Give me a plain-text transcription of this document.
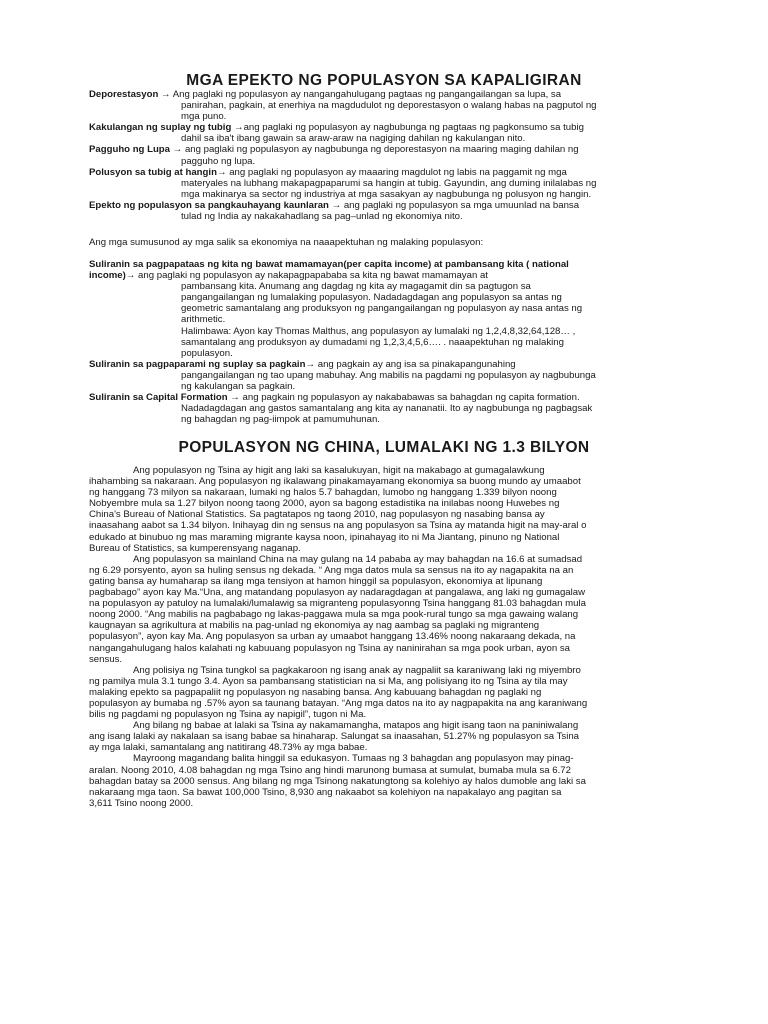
MGA EPEKTO NG POPULASYON SA KAPALIGIRAN
Deporestasyon → Ang paglaki ng populasyon ay nangangahulugang pagtaas ng pangangailangan sa lupa, sa
panirahan, pagkain, at enerhiya na magdudulot ng deporestasyon o walang habas na pagputol ng
mga puno.
Kakulangan ng suplay ng tubig →ang paglaki ng populasyon ay nagbubunga ng pagtaas ng pagkonsumo sa tubig
dahil sa iba't ibang gawain sa araw-araw na nagiging dahilan ng kakulangan nito.
Pagguho ng Lupa → ang paglaki ng populasyon ay nagbubunga ng deporestasyon na maaring maging dahilan ng
pagguho ng lupa.
Polusyon sa tubig at hangin→ ang paglaki ng populasyon ay maaaring magdulot ng labis na paggamit ng mga
materyales na lubhang makapagpaparumi sa hangin at tubig. Gayundin, ang duming inilalabas ng
mga makinarya sa sector ng industriya at mga sasakyan ay nagbubunga ng polusyon ng hangin.
Epekto ng populasyon sa pangkauhayang kaunlaran → ang paglaki ng populasyon sa mga umuunlad na bansa
tulad ng India ay nakakahadlang sa pag–unlad ng ekonomiya nito.
Ang mga sumusunod ay mga salik sa ekonomiya na naaapektuhan ng malaking populasyon:
Suliranin sa pagpapataas ng kita ng bawat mamamayan(per capita income) at pambansang kita ( national
income)→ ang paglaki ng populasyon ay nakapagpapababa sa kita ng bawat mamamayan at
pambansang kita. Anumang ang dagdag ng kita ay magagamit din sa pagtugon sa
pangangailangan ng lumalaking populasyon. Nadadagdagan ang populasyon sa antas ng
geometric samantalang ang produksyon ng pangangailangan ng populasyon ay nasa antas ng
arithmetic.
Halimbawa: Ayon kay Thomas Malthus, ang populasyon ay lumalaki ng 1,2,4,8,32,64,128… ,
samantalang ang produksyon ay dumadami ng 1,2,3,4,5,6…. . naaapektuhan ng malaking
populasyon.
Suliranin sa pagpaparami ng suplay sa pagkain→ ang pagkain ay ang isa sa pinakapangunahing
pangangailangan ng tao upang mabuhay. Ang mabilis na pagdami ng populasyon ay nagbubunga
ng kakulangan sa pagkain.
Suliranin sa Capital Formation → ang pagkain ng populasyon ay nakababawas sa bahagdan ng capita formation.
Nadadagdagan ang gastos samantalang ang kita ay nananatii. Ito ay nagbubunga ng pagbagsak
ng bahagdan ng pag-iimpok at pamumuhunan.
POPULASYON NG CHINA, LUMALAKI NG 1.3 BILYON
Ang populasyon ng Tsina ay higit ang laki sa kasalukuyan, higit na makabago at gumagalawkung
ihahambing sa nakaraan. Ang populasyon ng ikalawang pinakamayamang ekonomiya sa buong mundo ay umaabot
ng hanggang 73 milyon sa nakaraan, lumaki ng halos 5.7 bahagdan, lumobo ng hanggang 1.339 bilyon noong
Nobyembre mula sa 1.27 bilyon noong taong 2000, ayon sa bagong estadistika na inilabas noong Huwebes ng
China's Bureau of National Statistics. Sa pagtatapos ng taong 2010, nag populasyon ng nasabing bansa ay
inaasahang aabot sa 1.34 bilyon. Inihayag din ng sensus na ang populasyon sa Tsina ay matanda higit na may-aral o
edukado at binubuo ng mas maraming migrante kaysa noon, ipinahayag ito ni Ma Jiantang, pinuno ng National
Bureau of Statistics, sa kumperensyang naganap.
Ang populasyon sa mainland China na may gulang na 14 pababa ay may bahagdan na 16.6 at sumadsad
ng 6.29 porsyento, ayon sa huling sensus ng dekada. “ Ang mga datos mula sa sensus na ito ay nagapakita na an
gating bansa ay humaharap sa ilang mga tensiyon at hamon hinggil sa populasyon, ekonomiya at lipunang
pagbabago” ayon kay Ma.“Una, ang matandang populasyon ay nadaragdagan at pangalawa, ang laki ng gumagalaw
na populasyon ay patuloy na lumalaki/lumalawig sa migranteng populasyonng Tsina hanggang 81.03 bahagdan mula
noong 2000. “Ang mabilis na pagbabago ng lakas-paggawa mula sa mga pook-rural tungo sa mga gawaing walang
kaugnayan sa agrikultura at mabilis na pag-unlad ng ekonomiya ay nag aambag sa paglaki ng migranteng
populasyon”, ayon kay Ma. Ang populasyon sa urban ay umaabot hanggang 13.46% noong nakaraang dekada, na
nangangahulugang halos kalahati ng kabuuang populasyon ng Tsina ay naninirahan sa mga pook urban, ayon sa
sensus.
Ang polisiya ng Tsina tungkol sa pagkakaroon ng isang anak ay nagpaliit sa karaniwang laki ng miyembro
ng pamilya mula 3.1 tungo 3.4. Ayon sa pambansang statistician na si Ma, ang polisiyang ito ng Tsina ay tila may
malaking epekto sa pagpapaliit ng populasyon ng nasabing bansa. Ang kabuuang bahagdan ng paglaki ng
populasyon ay bumaba ng .57% ayon sa taunang batayan. “Ang mga datos na ito ay nagpapakita na ang karaniwang
bilis ng pagdami ng populasyon ng Tsina ay napigil”, tugon ni Ma.
Ang bilang ng babae at lalaki sa Tsina ay nakamamangha, matapos ang higit isang taon na paniniwalang
ang isang lalaki ay nakalaan sa isang babae sa hinaharap. Salungat sa inaasahan, 51.27% ng populasyon sa Tsina
ay mga lalaki, samantalang ang natitirang 48.73% ay mga babae.
Mayroong magandang balita hinggil sa edukasyon. Tumaas ng 3 bahagdan ang populasyon may pinag-
aralan. Noong 2010, 4.08 bahagdan ng mga Tsino ang hindi marunong bumasa at sumulat, bumaba mula sa 6.72
bahagdan batay sa 2000 sensus. Ang bilang ng mga Tsinong nakatungtong sa kolehiyo ay halos dumoble ang laki sa
nakaraang mga taon. Sa bawat 100,000 Tsino, 8,930 ang nakaabot sa kolehiyon na napakalayo ang pagitan sa
3,611 Tsino noong 2000.
